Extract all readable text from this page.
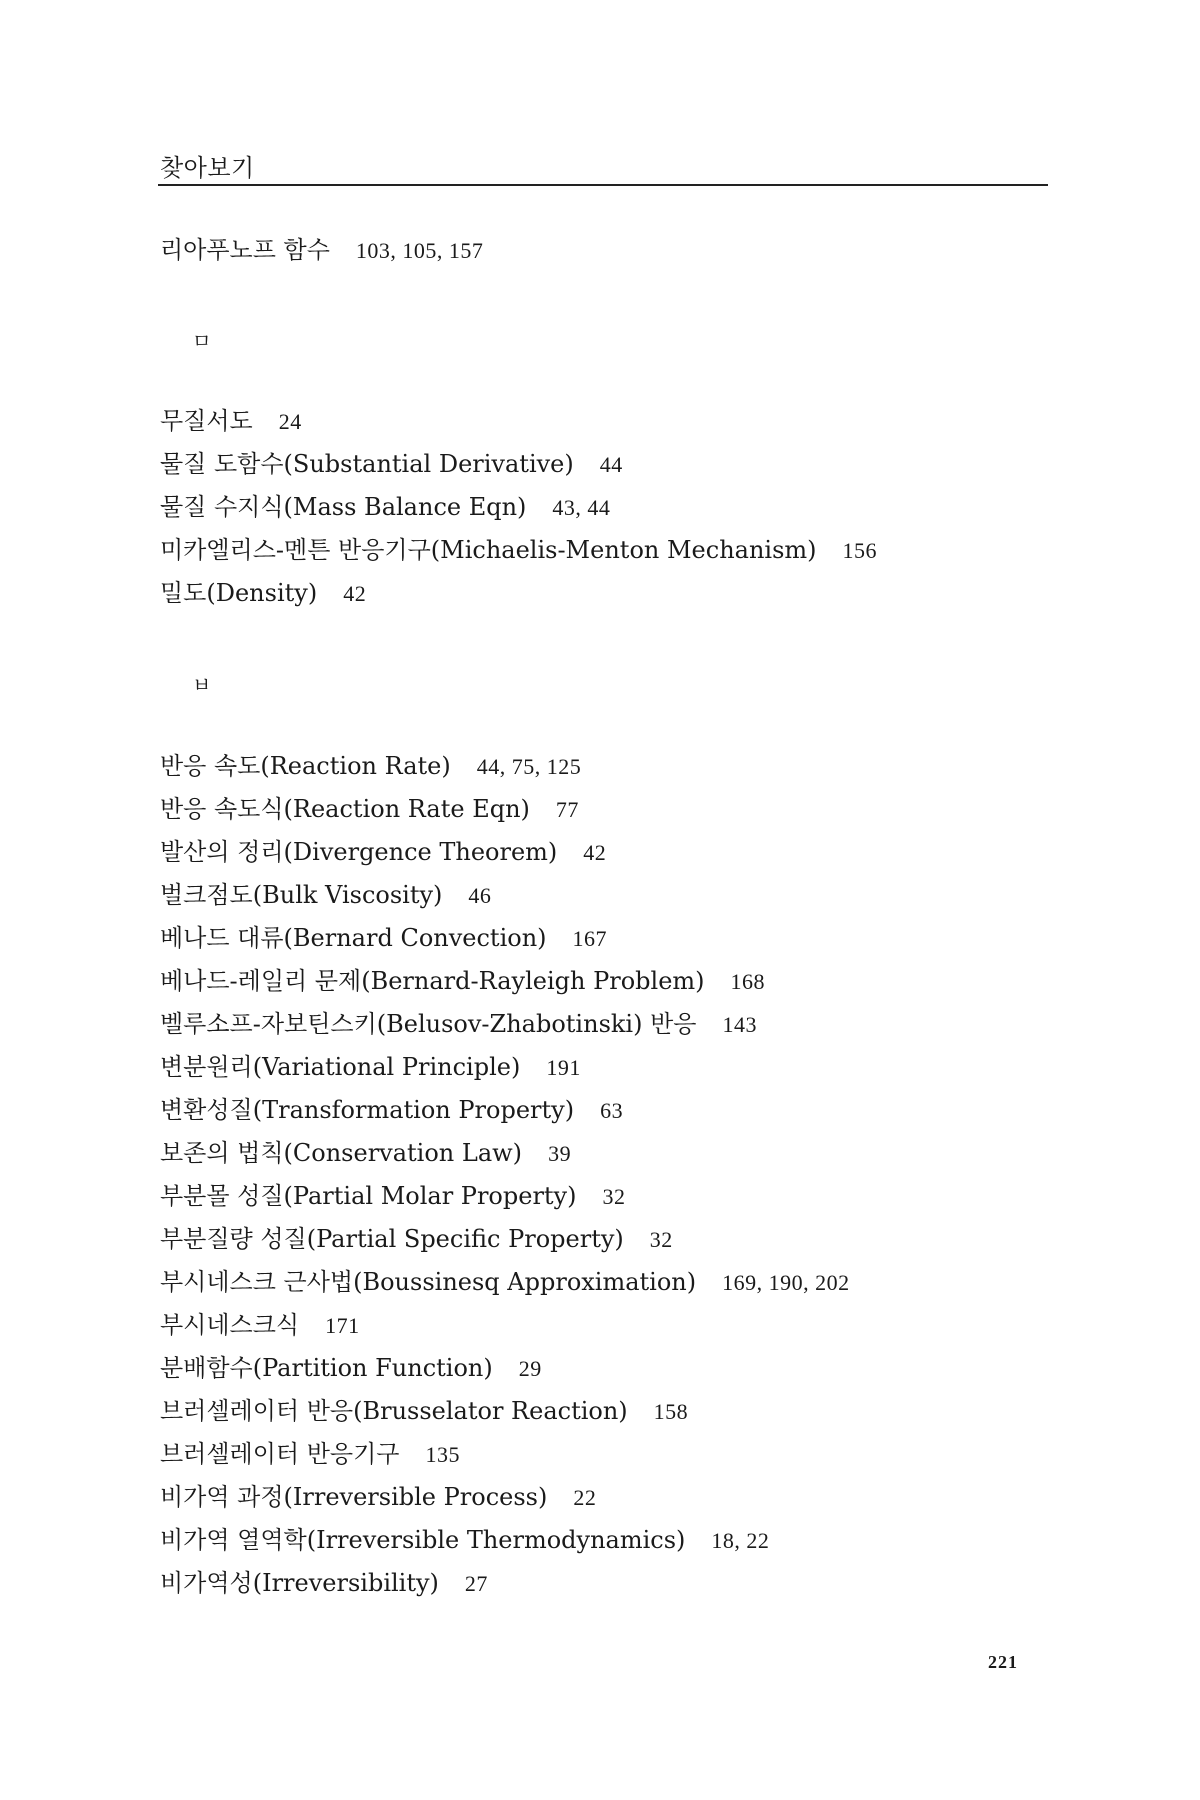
찾아보기
리아푸노프 함수 103, 105, 157
ㅁ
무질서도 24
물질 도함수(Substantial Derivative) 44
물질 수지식(Mass Balance Eqn) 43, 44
미카엘리스-멘튼 반응기구(Michaelis-Menton Mechanism) 156
밀도(Density) 42
ㅂ
반응 속도(Reaction Rate) 44, 75, 125
반응 속도식(Reaction Rate Eqn) 77
발산의 정리(Divergence Theorem) 42
벌크점도(Bulk Viscosity) 46
베나드 대류(Bernard Convection) 167
베나드-레일리 문제(Bernard-Rayleigh Problem) 168
벨루소프-자보틴스키(Belusov-Zhabotinski) 반응 143
변분원리(Variational Principle) 191
변환성질(Transformation Property) 63
보존의 법칙(Conservation Law) 39
부분몰 성질(Partial Molar Property) 32
부분질량 성질(Partial Specific Property) 32
부시네스크 근사법(Boussinesq Approximation) 169, 190, 202
부시네스크식 171
분배함수(Partition Function) 29
브러셀레이터 반응(Brusselator Reaction) 158
브러셀레이터 반응기구 135
비가역 과정(Irreversible Process) 22
비가역 열역학(Irreversible Thermodynamics) 18, 22
비가역성(Irreversibility) 27
221
